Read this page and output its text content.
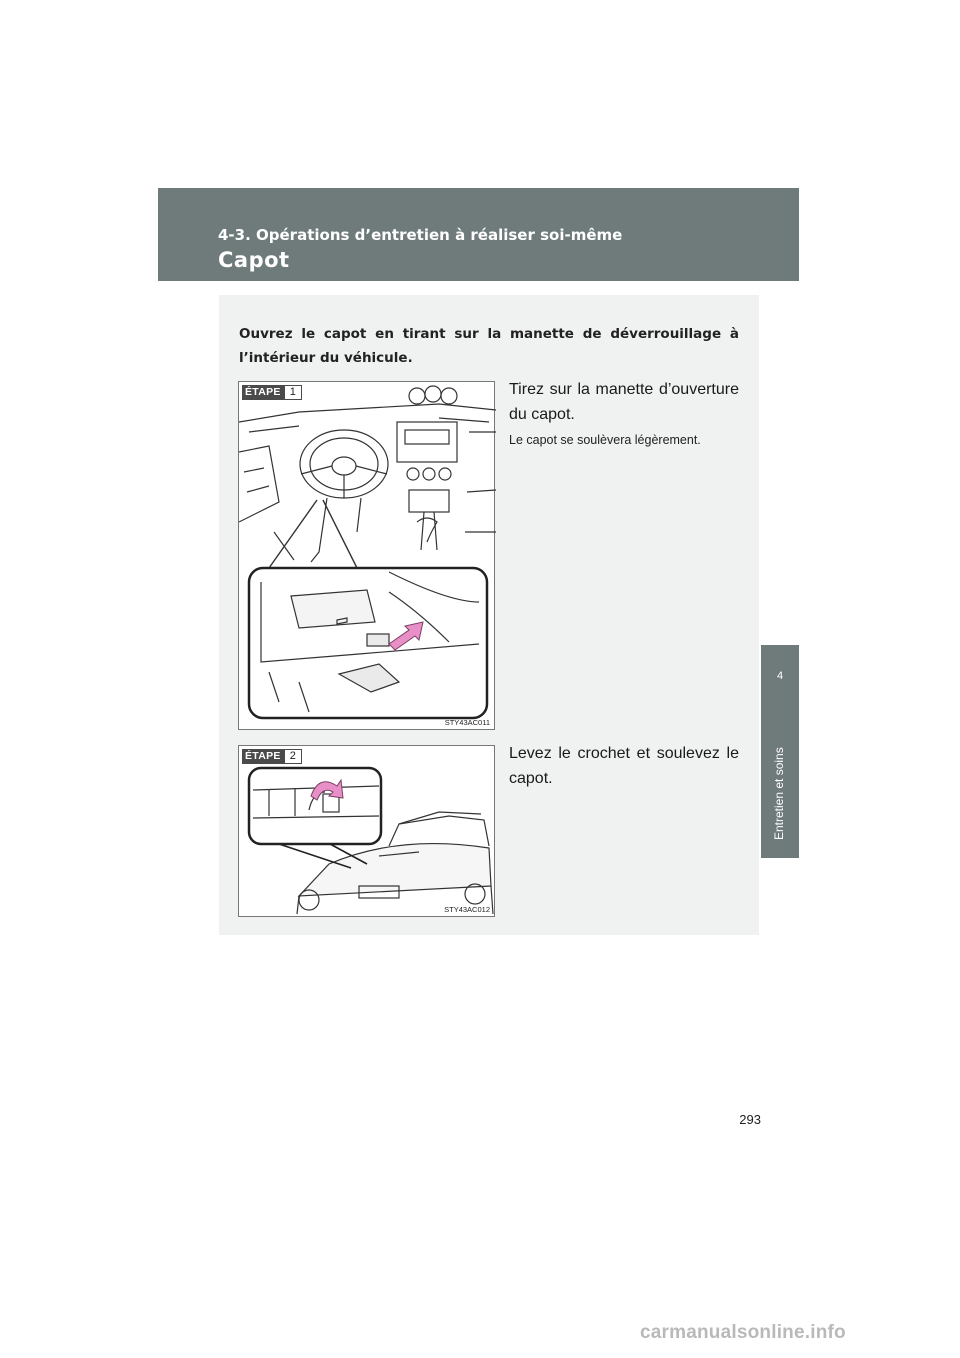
4-3. Opérations d’entretien à réaliser soi-même
Capot
4
Entretien et soins
Ouvrez le capot en tirant sur la manette de déverrouillage à l’intérieur du véhicule.
ÉTAPE 1
STY43AC011
Tirez sur la manette d’ouverture du capot.
Le capot se soulèvera légèrement.
ÉTAPE 2
STY43AC012
Levez le crochet et soulevez le capot.
293
carmanualsonline.info
